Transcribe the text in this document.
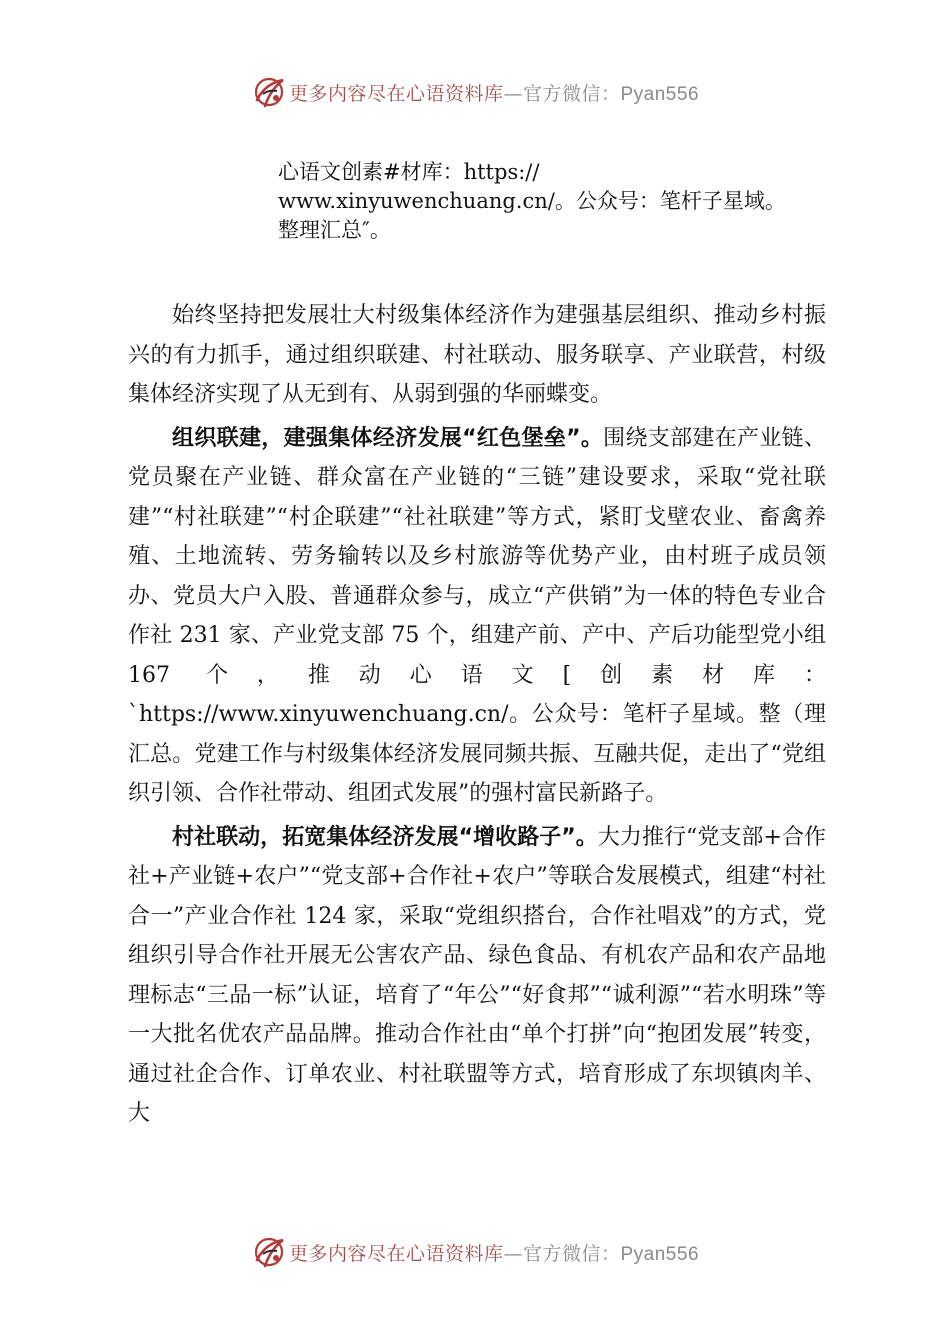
更多内容尽在心语资料库—官方微信：Pyan556
心语文创素#材库：https://
www.xinyuwenchuang.cn/。公众号：笔杆子星域。
整理汇总″。

始终坚持把发展壮大村级集体经济作为建强基层组织、推动乡村振兴的有力抓手，通过组织联建、村社联动、服务联享、产业联营，村级集体经济实现了从无到有、从弱到强的华丽蝶变。

组织联建，建强集体经济发展“红色堡垒”。围绕支部建在产业链、党员聚在产业链、群众富在产业链的“三链”建设要求，采取“党社联建”“村社联建”“村企联建”“社社联建”等方式，紧盯戈壁农业、畜禽养殖、土地流转、劳务输转以及乡村旅游等优势产业，由村班子成员领办、党员大户入股、普通群众参与，成立“产供销”为一体的特色专业合作社 231 家、产业党支部 75 个，组建产前、产中、产后功能型党小组 167 个，推动心语文[创素材库：`https://www.xinyuwenchuang.cn/。公众号：笔杆子星域。整（理汇总。党建工作与村级集体经济发展同频共振、互融共促，走出了“党组织引领、合作社带动、组团式发展”的强村富民新路子。

村社联动，拓宽集体经济发展“增收路子”。大力推行“党支部+合作社+产业链+农户”“党支部+合作社+农户”等联合发展模式，组建“村社合一”产业合作社 124 家，采取“党组织搭台，合作社唱戏”的方式，党组织引导合作社开展无公害农产品、绿色食品、有机农产品和农产品地理标志“三品一标”认证，培育了“年公”“好食邦”“诚利源”“若水明珠”等一大批名优农产品品牌。推动合作社由“单个打拼”向“抱团发展”转变，通过社企合作、订单农业、村社联盟等方式，培育形成了东坝镇肉羊、大

更多内容尽在心语资料库—官方微信：Pyan556
